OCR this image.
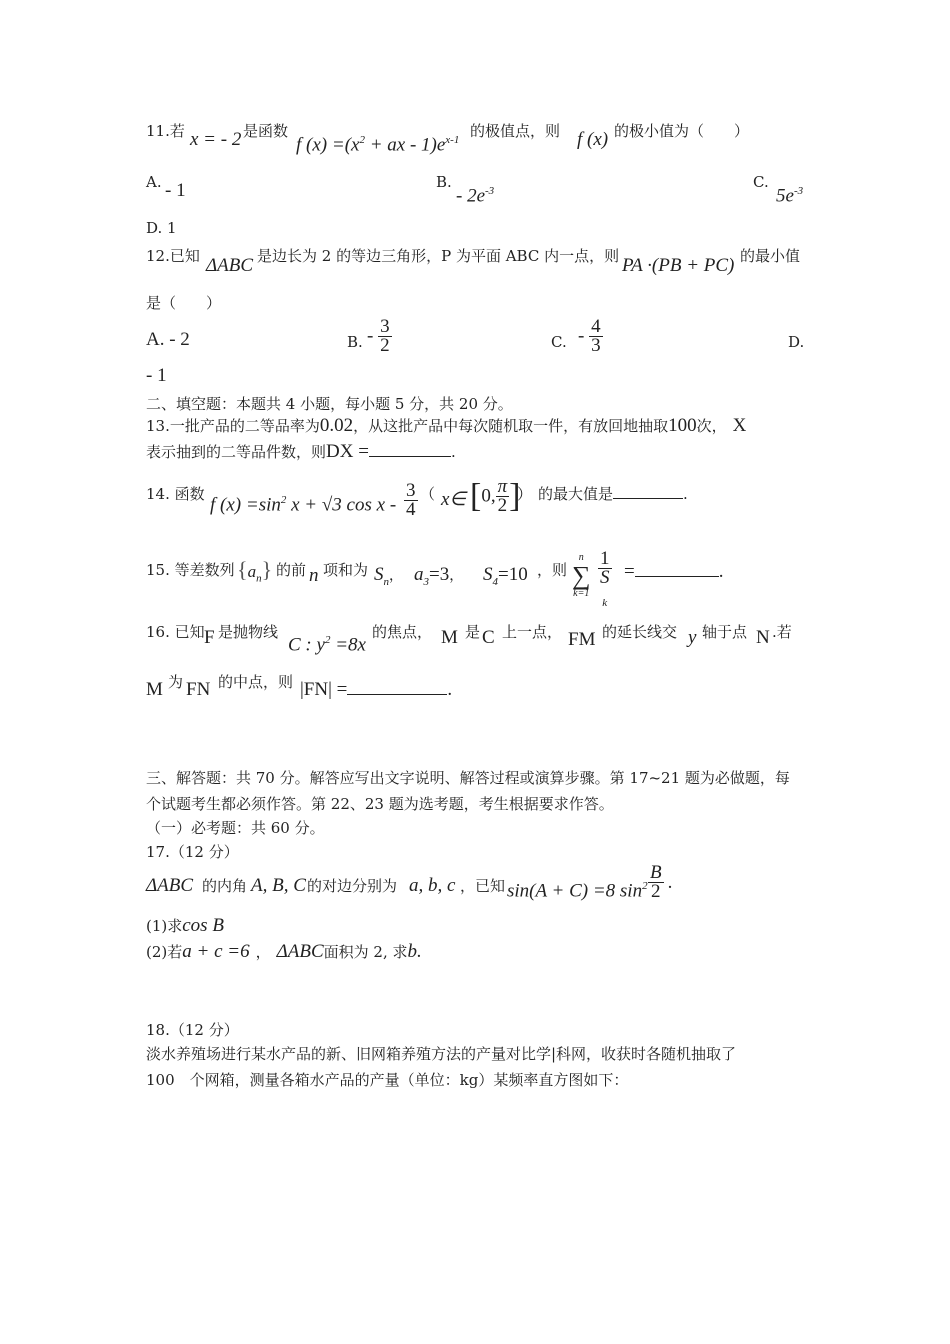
11.若 x = - 2 是函数
f $(x) =(x^2$ + ax - $1)e^{x-1}$ 的极值点，则 f (x) 的极小值为（　　）
A. - 1	B.
- $2e^{-3}$	C.
$5e^{-3}$
D. 1
12.已知 ΔABC 是边长为 2 的等边三角形，P 为平面 ABC 内一点，则 PA ·(PB + PC) 的最小值
是（　　）
A. - 2	B. - $\frac{3}{2}$	C. - $\frac{4}{3}$	D.
- 1
二、填空题：本题共 4 小题，每小题 5 分，共 20 分。
13.一批产品的二等品率为0.02，从这批产品中每次随机取一件，有放回地抽取100次， X
表示抽到的二等品件数，则DX =	.
14. 函数
f $(x) =\sin^2$ x + √3 cos x - $\frac{3}{4}$ （ x∈ [0, $\frac{\pi}{2}$ ]
） 的最大值是	.
15. 等差数列 $\{a_n\}$ 的前 n 项和为 $S_n$， $a_3=3$， $S_4=10$ ，则
n
∑
k=1 1
S
$_k$ =	.
16. 已知 F 是抛物线
C : $y^2 =8x$
的焦点， M 是 C 上一点， FM 的延长线交 y 轴于点 N .若
M 为 FN 的中点，则 |FN| =	.
三、解答题：共 70 分。解答应写出文字说明、解答过程或演算步骤。第 17~21 题为必做题，每
个试题考生都必须作答。第 22、23 题为选考题，考生根据要求作答。
（一）必考题：共 60 分。
17.（12 分）
ΔABC 的内角 A, B, C 的对边分别为 a, b, c ，已知 sin(A + C) =8 $\sin^2 \frac{B}{2}$ .
(1)求cos B
(2)若a + c =6 ， ΔABC面积为 2, 求b.
18.（12 分）
淡水养殖场进行某水产品的新、旧网箱养殖方法的产量对比学|科网，收获时各随机抽取了
100　个网箱，测量各箱水产品的产量（单位：kg）某频率直方图如下：
